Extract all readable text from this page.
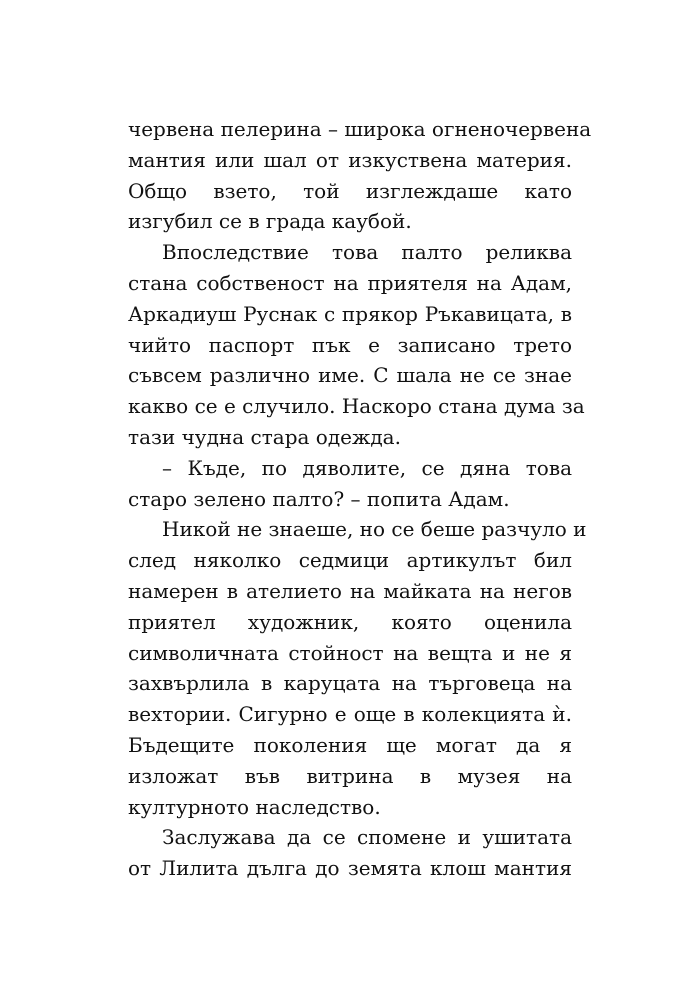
червена пелерина – широка огненочервена
мантия или шал от изкуствена материя.
Общо взето, той изглеждаше като
изгубил се в града каубой.
Впоследствие това палто реликва
стана собственост на приятеля на Адам,
Аркадиуш Руснак с прякор Ръкавицата, в
чийто паспорт пък е записано трето
съвсем различно име. С шала не се знае
какво се е случило. Наскоро стана дума за
тази чудна стара одежда.
– Къде, по дяволите, се дяна това
старо зелено палто? – попита Адам.
Никой не знаеше, но се беше разчуло и
след няколко седмици артикулът бил
намерен в ателието на майката на негов
приятел художник, която оценила
символичната стойност на вещта и не я
захвърлила в каруцата на търговеца на
вехтории. Сигурно е още в колекцията ѝ.
Бъдещите поколения ще могат да я
изложат във витрина в музея на
културното наследство.
Заслужава да се спомене и ушитата
от Лилита дълга до земята клош мантия
